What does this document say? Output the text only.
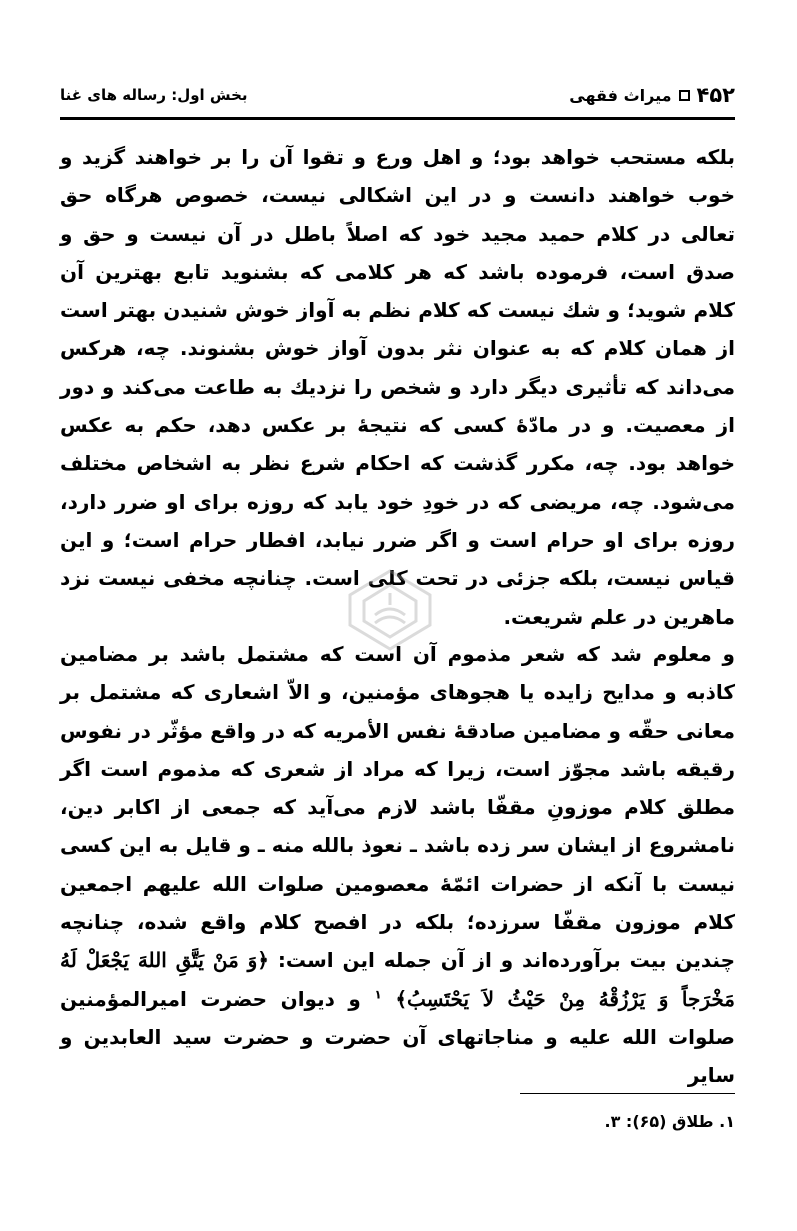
۴۵۲
میراث فقهی
بخش اول: رساله های غنا

بلکه مستحب خواهد بود؛ و اهل ورع و تقوا آن را بر خواهند گزید و خوب خواهند دانست و در این اشکالی نیست، خصوص هرگاه حق تعالی در کلام حمید مجید خود که اصلاً باطل در آن نیست و حق و صدق است، فرموده باشد که هر کلامی که بشنوید تابع بهترین آن کلام شوید؛ و شك نیست که کلام نظم به آواز خوش شنیدن بهتر است از همان کلام که به عنوان نثر بدون آواز خوش بشنوند. چه، هرکس می‌داند که تأثیری دیگر دارد و شخص را نزدیك به طاعت می‌کند و دور از معصیت. و در مادّهٔ کسی که نتیجهٔ بر عکس دهد، حکم به عکس خواهد بود. چه، مکرر گذشت که احکام شرع نظر به اشخاص مختلف می‌شود. چه، مریضی که در خودِ خود یابد که روزه برای او ضرر دارد، روزه برای او حرام است و اگر ضرر نیابد، افطار حرام است؛ و این قیاس نیست، بلکه جزئی در تحت کلی است. چنانچه مخفی نیست نزد ماهرین در علم شریعت.

و معلوم شد که شعر مذموم آن است که مشتمل باشد بر مضامین کاذبه و مدایح زایده یا هجوهای مؤمنین، و الاّ اشعاری که مشتمل بر معانی حقّه و مضامین صادقهٔ نفس الأمریه که در واقع مؤثّر در نفوس رقیقه باشد مجوّز است، زیرا که مراد از شعری که مذموم است اگر مطلق کلام موزونِ مقفّا باشد لازم می‌آید که جمعی از اکابر دین، نامشروع از ایشان سر زده باشد ـ نعوذ بالله منه ـ و قایل به این کسی نیست با آنکه از حضرات ائمّهٔ معصومین صلوات الله علیهم اجمعین کلام موزون مقفّا سرزده؛ بلکه در افصح کلام واقع شده، چنانچه چندین بیت برآورده‌اند و از آن جمله این است: ﴿وَ مَنْ يَتَّقِ اللهَ يَجْعَلْ لَهُ مَخْرَجاً وَ يَرْزُقْهُ مِنْ حَيْثُ لاَ يَحْتَسِبُ﴾ $^۱$ و دیوان حضرت امیرالمؤمنین صلوات الله علیه و مناجاتهای آن حضرت و حضرت سید العابدین و سایر

۱. طلاق (۶۵): ۳.
